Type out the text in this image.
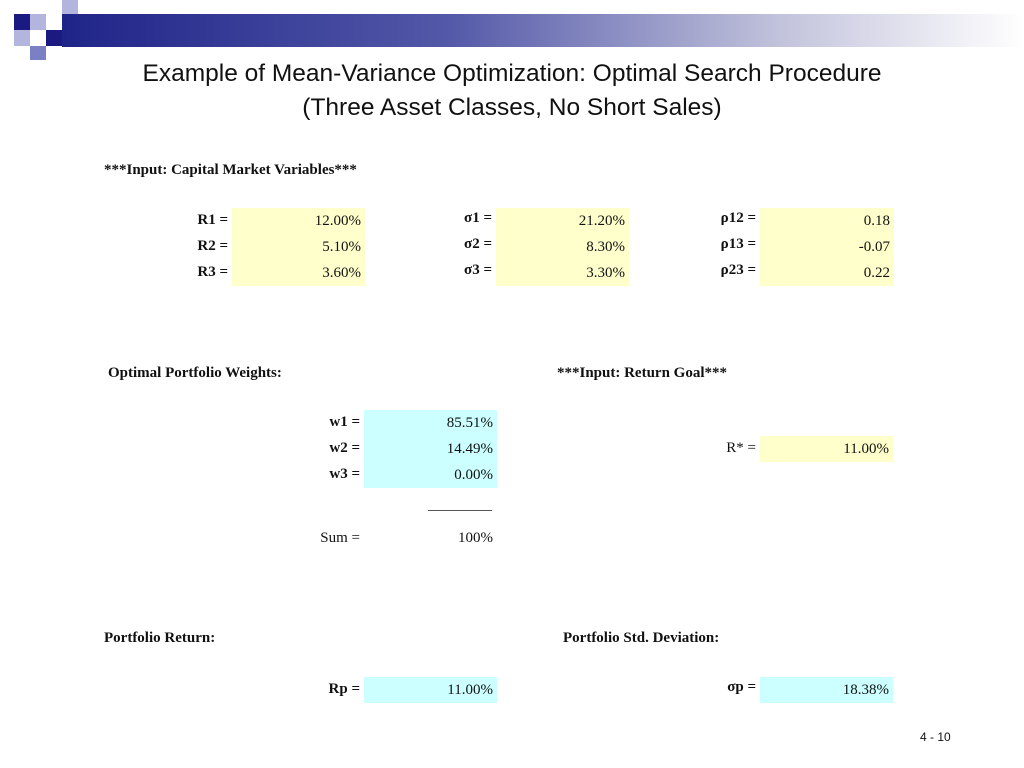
Example of Mean-Variance Optimization: Optimal Search Procedure
(Three Asset Classes, No Short Sales)
***Input: Capital Market Variables***
R1 =	12.00%
R2 =	5.10%
R3 =	3.60%
σ1 =	21.20%
σ2 =	8.30%
σ3 =	3.30%
ρ12 =	0.18
ρ13 =	-0.07
ρ23 =	0.22
Optimal Portfolio Weights:
w1 =	85.51%
w2 =	14.49%
w3 =	0.00%
Sum =	100%
***Input: Return Goal***
R* =	11.00%
Portfolio Return:
Rp =	11.00%
Portfolio Std. Deviation:
σp =	18.38%
4 - 10
